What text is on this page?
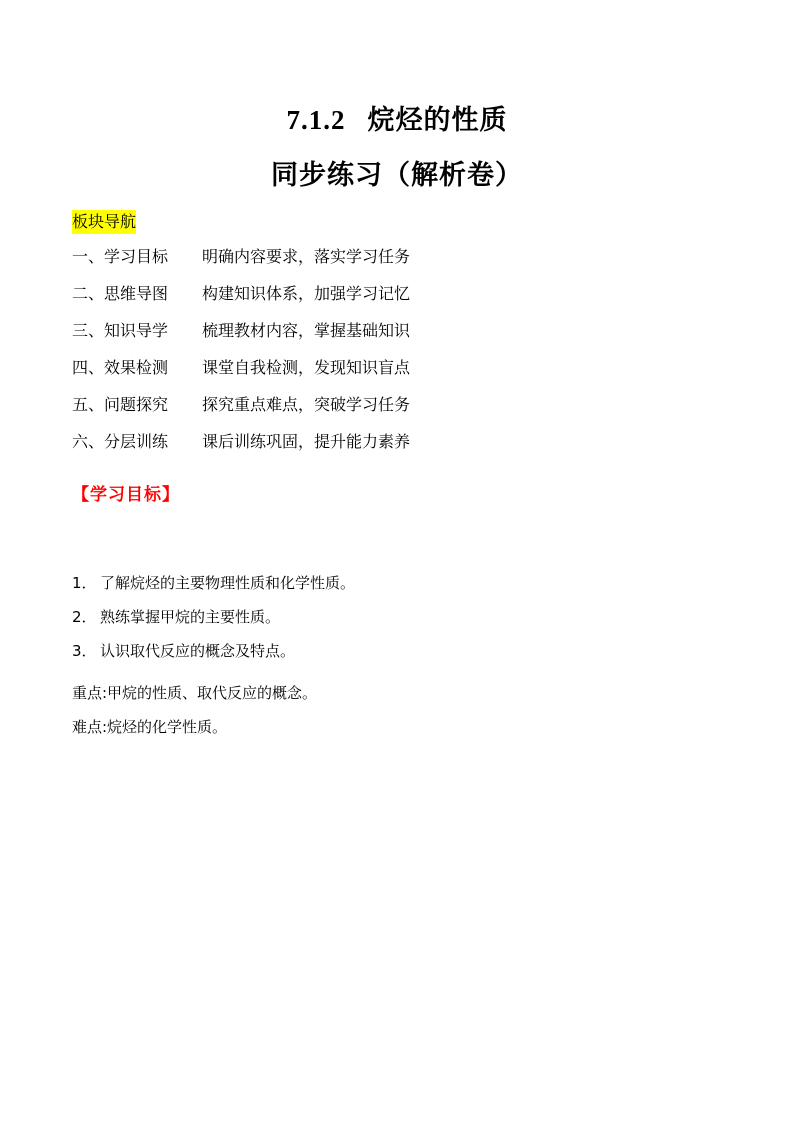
7.1.2 烷烃的性质
同步练习（解析卷）
板块导航
一、学习目标 明确内容要求，落实学习任务
二、思维导图 构建知识体系，加强学习记忆
三、知识导学 梳理教材内容，掌握基础知识
四、效果检测 课堂自我检测，发现知识盲点
五、问题探究 探究重点难点，突破学习任务
六、分层训练 课后训练巩固，提升能力素养
【学习目标】
1． 了解烷烃的主要物理性质和化学性质。
2． 熟练掌握甲烷的主要性质。
3． 认识取代反应的概念及特点。
重点:甲烷的性质、取代反应的概念。
难点:烷烃的化学性质。
